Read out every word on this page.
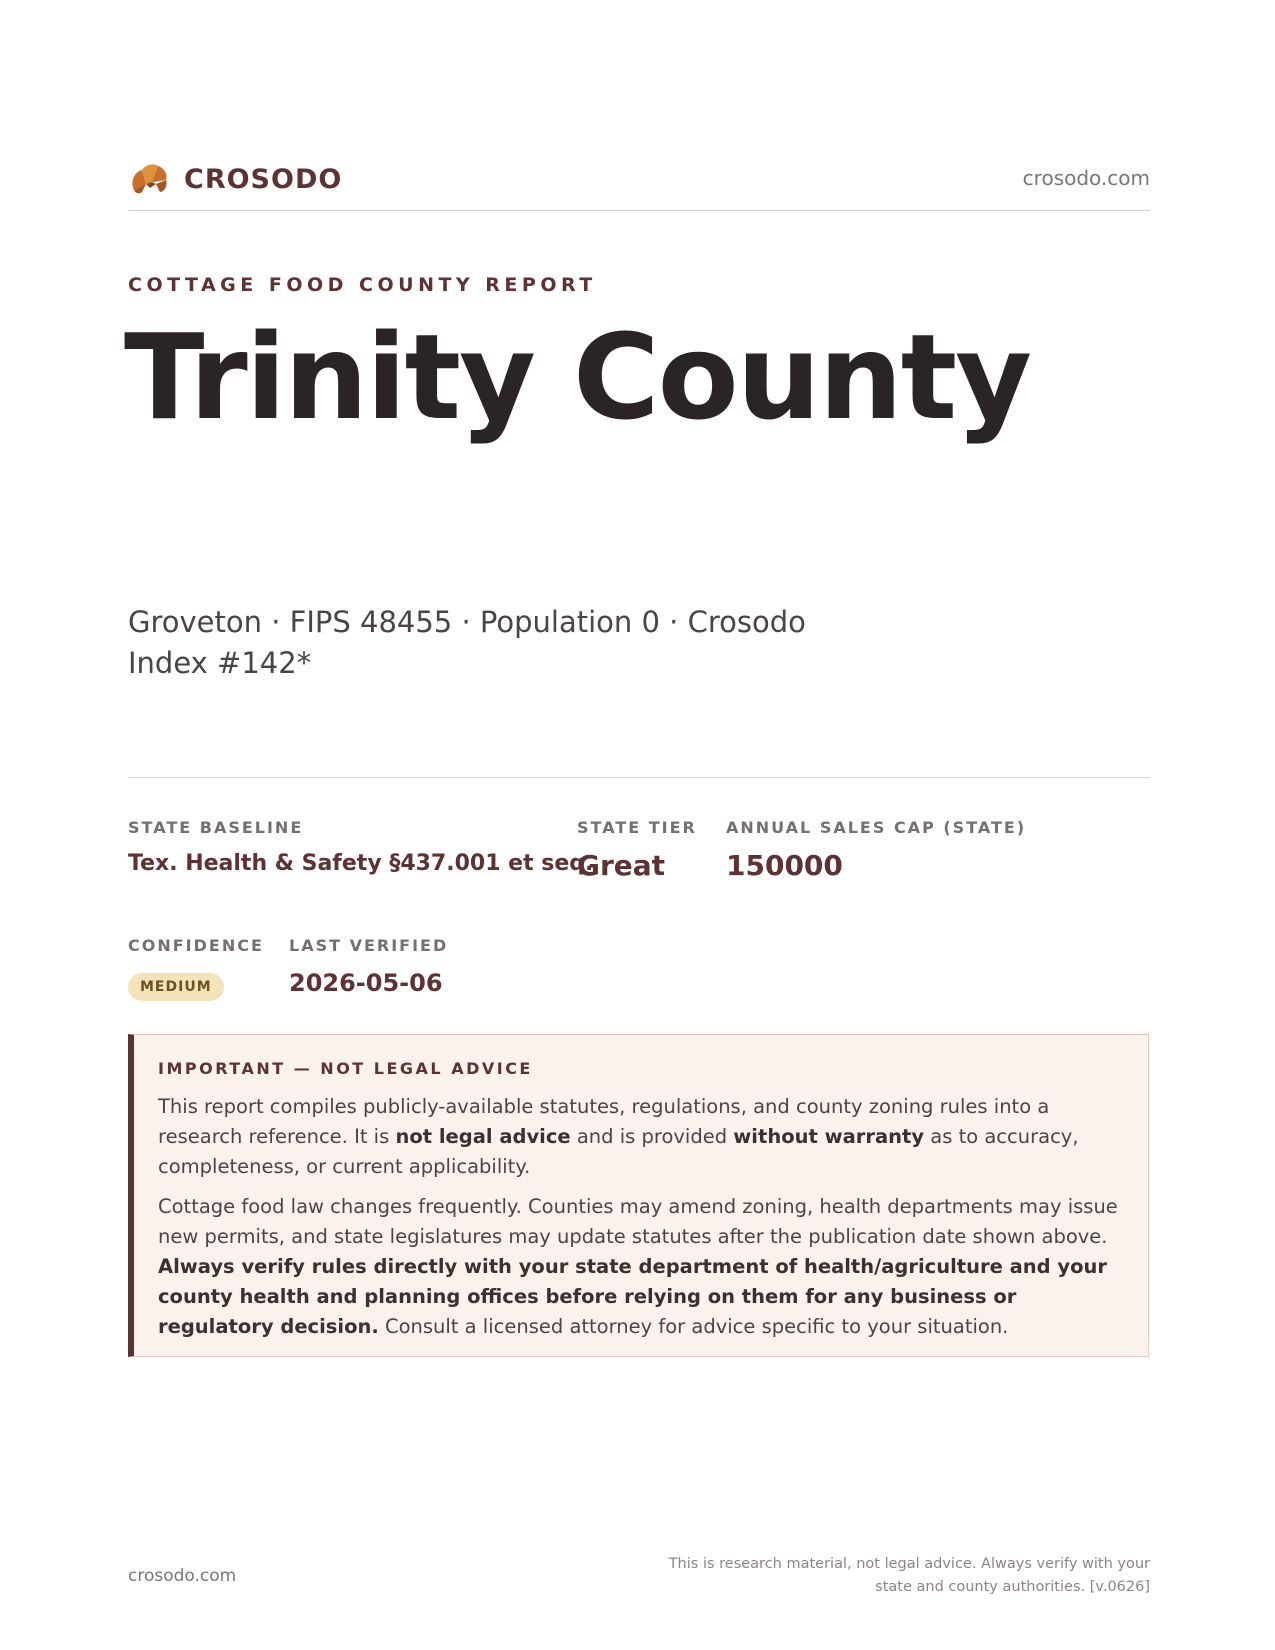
CROSODO	crosodo.com
COTTAGE FOOD COUNTY REPORT
Trinity County
Groveton · FIPS 48455 · Population 0 · Crosodo Index #142*
STATE BASELINE
Tex. Health & Safety §437.001 et seq.
STATE TIER
Great
ANNUAL SALES CAP (STATE)
150000
CONFIDENCE
MEDIUM
LAST VERIFIED
2026-05-06
IMPORTANT — NOT LEGAL ADVICE

This report compiles publicly-available statutes, regulations, and county zoning rules into a research reference. It is not legal advice and is provided without warranty as to accuracy, completeness, or current applicability.

Cottage food law changes frequently. Counties may amend zoning, health departments may issue new permits, and state legislatures may update statutes after the publication date shown above. Always verify rules directly with your state department of health/agriculture and your county health and planning offices before relying on them for any business or regulatory decision. Consult a licensed attorney for advice specific to your situation.

crosodo.com
This is research material, not legal advice. Always verify with your state and county authorities. [v.0626]
